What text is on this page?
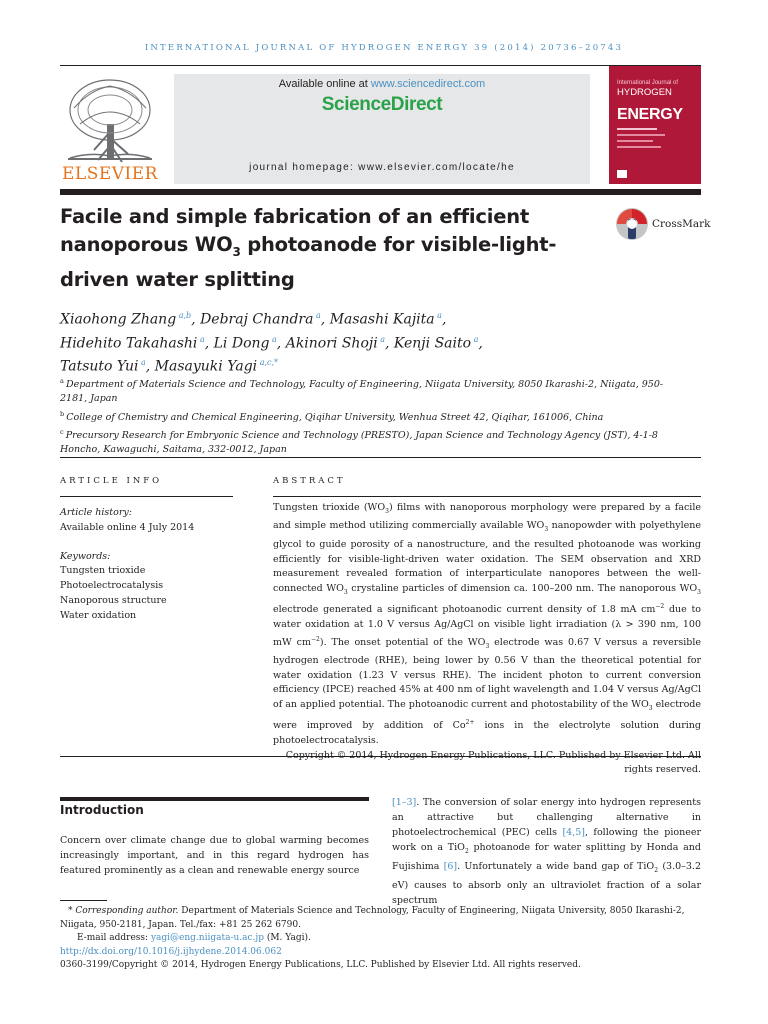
INTERNATIONAL JOURNAL OF HYDROGEN ENERGY 39 (2014) 20736–20743
ELSEVIER
Available online at www.sciencedirect.com
ScienceDirect
journal homepage: www.elsevier.com/locate/he
International Journal of
HYDROGEN
ENERGY
Facile and simple fabrication of an efficient nanoporous $WO_3$ photoanode for visible-light-driven water splitting
CrossMark
Xiaohong Zhang $^{a,b}$, Debraj Chandra $^a$, Masashi Kajita $^a$,
Hidehito Takahashi $^a$, Li Dong $^a$, Akinori Shoji $^a$, Kenji Saito $^a$,
Tatsuto Yui $^a$, Masayuki Yagi $^{a,c,*}$
$^a$ Department of Materials Science and Technology, Faculty of Engineering, Niigata University, 8050 Ikarashi-2, Niigata, 950-2181, Japan
$^b$ College of Chemistry and Chemical Engineering, Qiqihar University, Wenhua Street 42, Qiqihar, 161006, China
$^c$ Precursory Research for Embryonic Science and Technology (PRESTO), Japan Science and Technology Agency (JST), 4-1-8 Honcho, Kawaguchi, Saitama, 332-0012, Japan
ARTICLE INFO
Article history:
Available online 4 July 2014
Keywords:
Tungsten trioxide
Photoelectrocatalysis
Nanoporous structure
Water oxidation
ABSTRACT
Tungsten trioxide $(WO_3)$ films with nanoporous morphology were prepared by a facile and simple method utilizing commercially available $WO_3$ nanopowder with polyethylene glycol to guide porosity of a nanostructure, and the resulted photoanode was working efficiently for visible-light-driven water oxidation. The SEM observation and XRD measurement revealed formation of interparticulate nanopores between the well-connected $WO_3$ crystaline particles of dimension ca. 100–200 nm. The nanoporous $WO_3$ electrode generated a significant photoanodic current density of 1.8 mA $cm^{-2}$ due to water oxidation at 1.0 V versus Ag/AgCl on visible light irradiation (λ > 390 nm, 100 mW $cm^{-2}$). The onset potential of the $WO_3$ electrode was 0.67 V versus a reversible hydrogen electrode (RHE), being lower by 0.56 V than the theoretical potential for water oxidation (1.23 V versus RHE). The incident photon to current conversion efficiency (IPCE) reached 45% at 400 nm of light wavelength and 1.04 V versus Ag/AgCl of an applied potential. The photoanodic current and photostability of the $WO_3$ electrode were improved by addition of $Co^{2+}$ ions in the electrolyte solution during photoelectrocatalysis.
rights reserved.
Introduction
Concern over climate change due to global warming becomes increasingly important, and in this regard hydrogen has featured prominently as a clean and renewable energy source
[1–3]. The conversion of solar energy into hydrogen represents an attractive but challenging alternative in photoelectrochemical (PEC) cells [4,5], following the pioneer work on a TiO$_2$ photoanode for water splitting by Honda and Fujishima [6]. Unfortunately a wide band gap of TiO$_2$ (3.0–3.2 eV) causes to absorb only an ultraviolet fraction of a solar spectrum
* Corresponding author. Department of Materials Science and Technology, Faculty of Engineering, Niigata University, 8050 Ikarashi-2, Niigata, 950-2181, Japan. Tel./fax: +81 25 262 6790.
E-mail address: yagi@eng.niigata-u.ac.jp (M. Yagi).
http://dx.doi.org/10.1016/j.ijhydene.2014.06.062
0360-3199/Copyright © 2014, Hydrogen Energy Publications, LLC. Published by Elsevier Ltd. All rights reserved.
